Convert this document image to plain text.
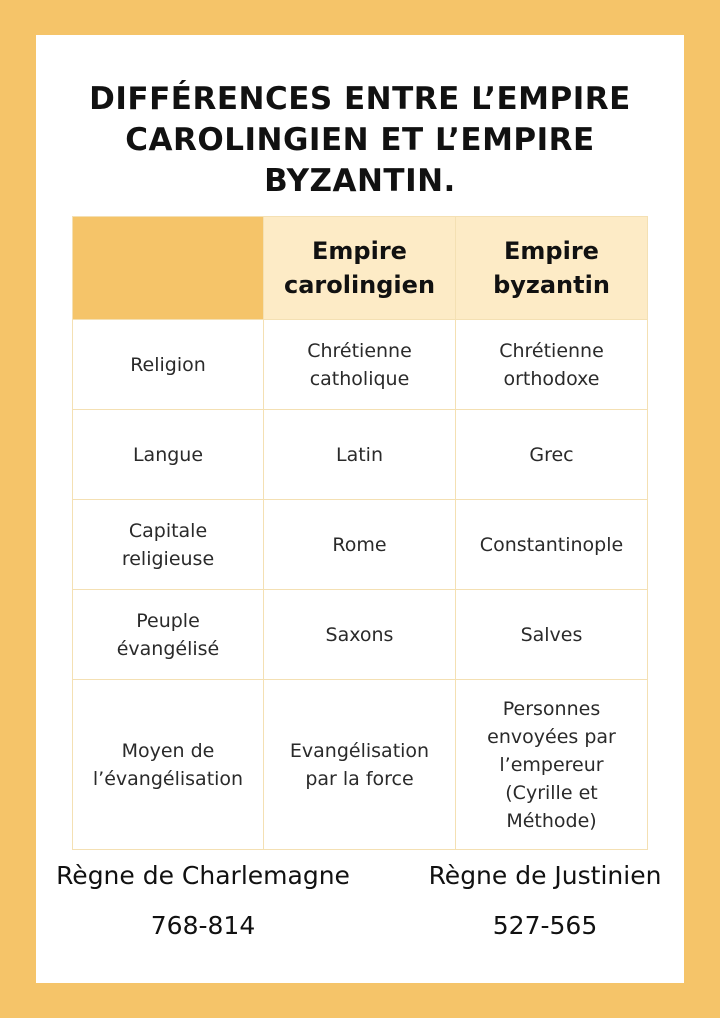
DIFFÉRENCES ENTRE L’EMPIRE CAROLINGIEN ET L’EMPIRE BYZANTIN.
	Empire carolingien	Empire byzantin
Religion	Chrétienne catholique	Chrétienne orthodoxe
Langue	Latin	Grec
Capitale religieuse	Rome	Constantinople
Peuple évangélisé	Saxons	Salves
Moyen de l’évangélisation	Evangélisation par la force	Personnes envoyées par l’empereur (Cyrille et Méthode)
Règne de Charlemagne
768-814
Règne de Justinien
527-565
